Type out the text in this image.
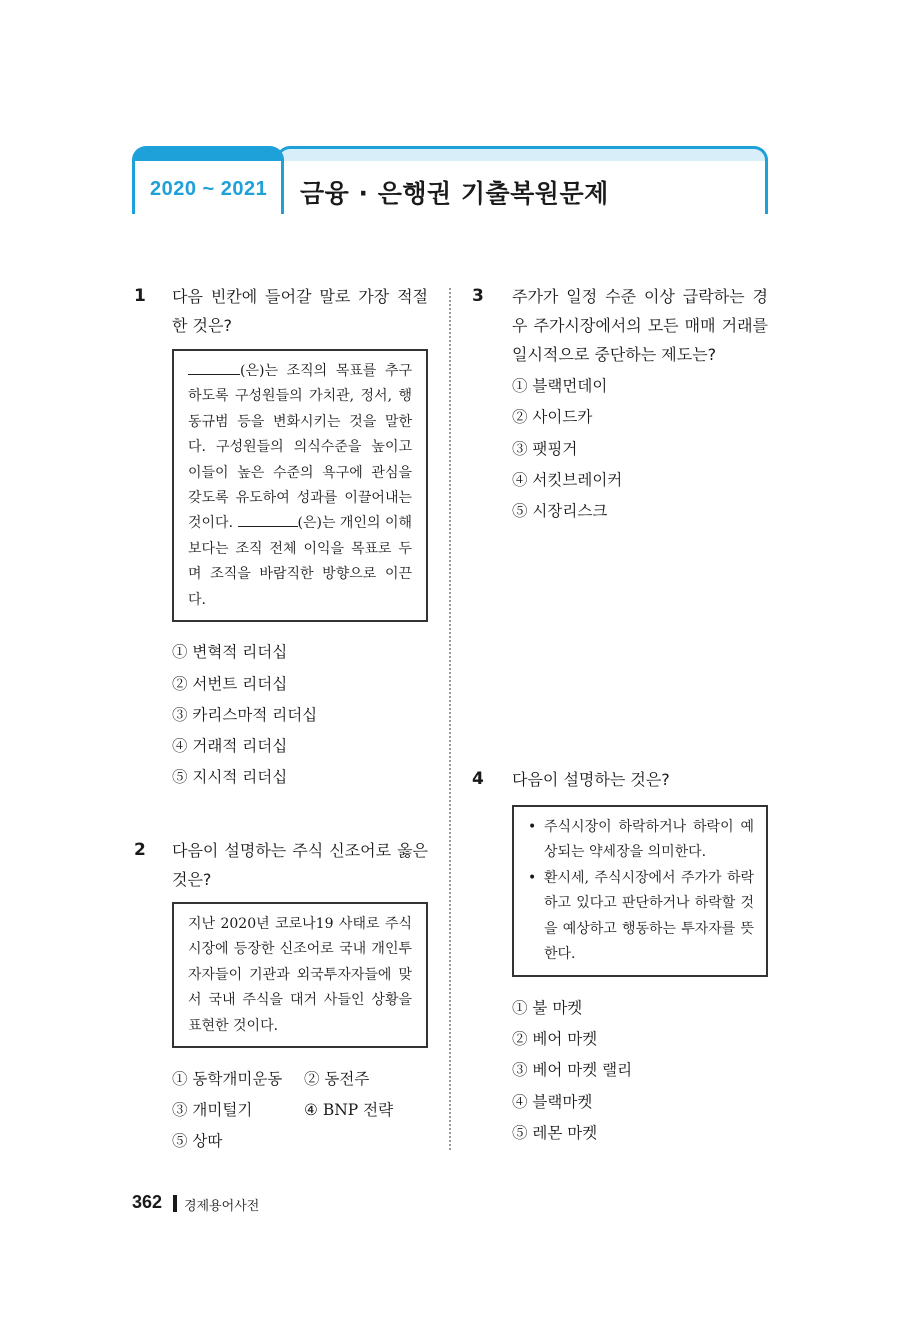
2020 ~ 2021 금융 · 은행권 기출복원문제
1 다음 빈칸에 들어갈 말로 가장 적절한 것은?
(은)는 조직의 목표를 추구하도록 구성원들의 가치관, 정서, 행동규범 등을 변화시키는 것을 말한다. 구성원들의 의식수준을 높이고 이들이 높은 수준의 욕구에 관심을 갖도록 유도하여 성과를 이끌어내는 것이다.	(은)는 개인의 이해보다는 조직 전체 이익을 목표로 두며 조직을 바람직한 방향으로 이끈다.
① 변혁적 리더십
② 서번트 리더십
③ 카리스마적 리더십
④ 거래적 리더십
⑤ 지시적 리더십
2 다음이 설명하는 주식 신조어로 옳은 것은?
지난 2020년 코로나19 사태로 주식시장에 등장한 신조어로 국내 개인투자자들이 기관과 외국투자자들에 맞서 국내 주식을 대거 사들인 상황을 표현한 것이다.
① 동학개미운동 ② 동전주
③ 개미털기	④ BNP 전략
⑤ 상따
3 주가가 일정 수준 이상 급락하는 경우 주가시장에서의 모든 매매 거래를 일시적으로 중단하는 제도는?
① 블랙먼데이
② 사이드카
③ 팻핑거
④ 서킷브레이커
⑤ 시장리스크
4 다음이 설명하는 것은?
• 주식시장이 하락하거나 하락이 예상되는 약세장을 의미한다.
• 환시세, 주식시장에서 주가가 하락하고 있다고 판단하거나 하락할 것을 예상하고 행동하는 투자자를 뜻한다.
① 불 마켓
② 베어 마켓
③ 베어 마켓 랠리
④ 블랙마켓
⑤ 레몬 마켓
362 경제용어사전
